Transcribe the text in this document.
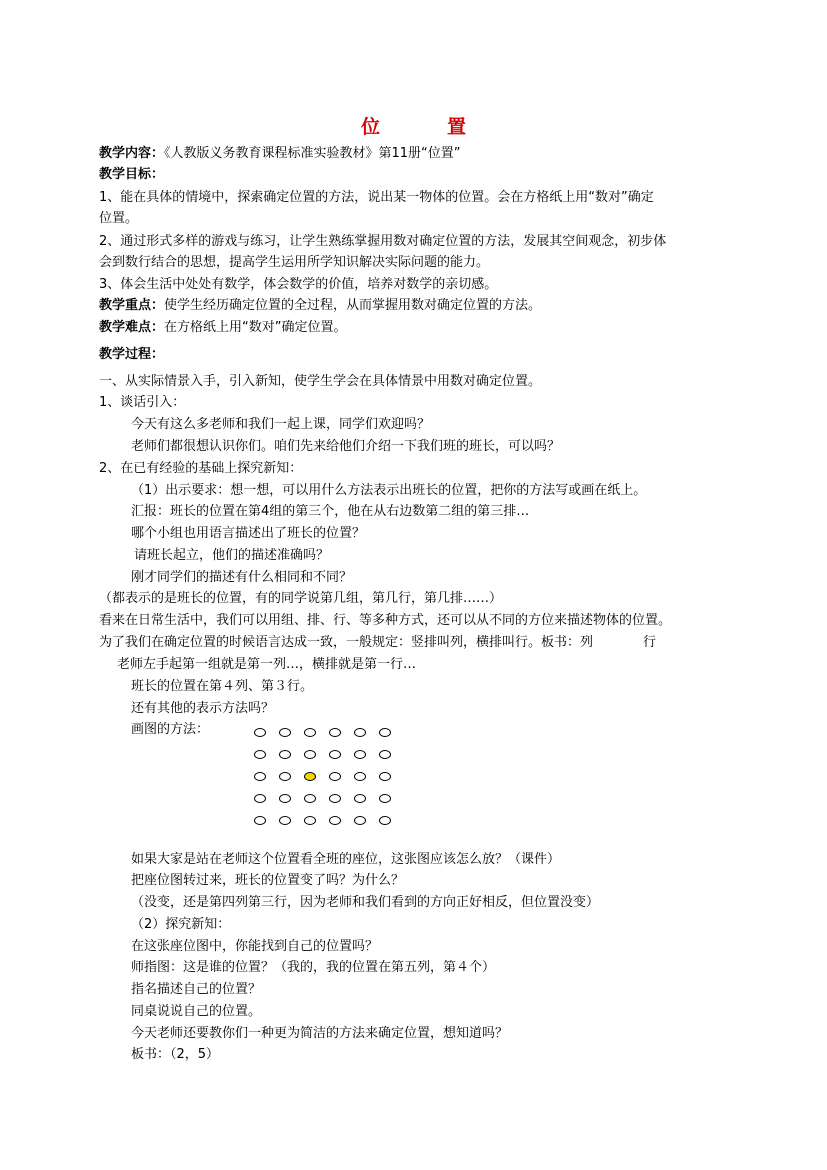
位　置
教学内容：《人教版义务教育课程标准实验教材》第11册“位置”
教学目标：
1、能在具体的情境中，探索确定位置的方法，说出某一物体的位置。会在方格纸上用“数对”确定
位置。
2、通过形式多样的游戏与练习，让学生熟练掌握用数对确定位置的方法，发展其空间观念，初步体
会到数行结合的思想，提高学生运用所学知识解决实际问题的能力。
3、体会生活中处处有数学，体会数学的价值，培养对数学的亲切感。
教学重点：使学生经历确定位置的全过程，从而掌握用数对确定位置的方法。
教学难点：在方格纸上用“数对”确定位置。
教学过程：
一、从实际情景入手，引入新知，使学生学会在具体情景中用数对确定位置。
1、谈话引入：
今天有这么多老师和我们一起上课，同学们欢迎吗？
老师们都很想认识你们。咱们先来给他们介绍一下我们班的班长，可以吗？
2、在已有经验的基础上探究新知：
（1）出示要求：想一想，可以用什么方法表示出班长的位置，把你的方法写或画在纸上。
汇报：班长的位置在第4组的第三个，他在从右边数第二组的第三排…
哪个小组也用语言描述出了班长的位置？
请班长起立，他们的描述准确吗？
刚才同学们的描述有什么相同和不同？
（都表示的是班长的位置，有的同学说第几组，第几行，第几排……）
看来在日常生活中，我们可以用组、排、行、等多种方式，还可以从不同的方位来描述物体的位置。
为了我们在确定位置的时候语言达成一致，一般规定：竖排叫列，横排叫行。板书：列	行
老师左手起第一组就是第一列…，横排就是第一行…
班长的位置在第４列、第３行。
还有其他的表示方法吗？
画图的方法：
如果大家是站在老师这个位置看全班的座位，这张图应该怎么放？（课件）
把座位图转过来，班长的位置变了吗？为什么？
（没变，还是第四列第三行，因为老师和我们看到的方向正好相反，但位置没变）
（2）探究新知：
在这张座位图中，你能找到自己的位置吗？
师指图：这是谁的位置？（我的，我的位置在第五列，第４个）
指名描述自己的位置？
同桌说说自己的位置。
今天老师还要教你们一种更为简洁的方法来确定位置，想知道吗？
板书：（2，5）
